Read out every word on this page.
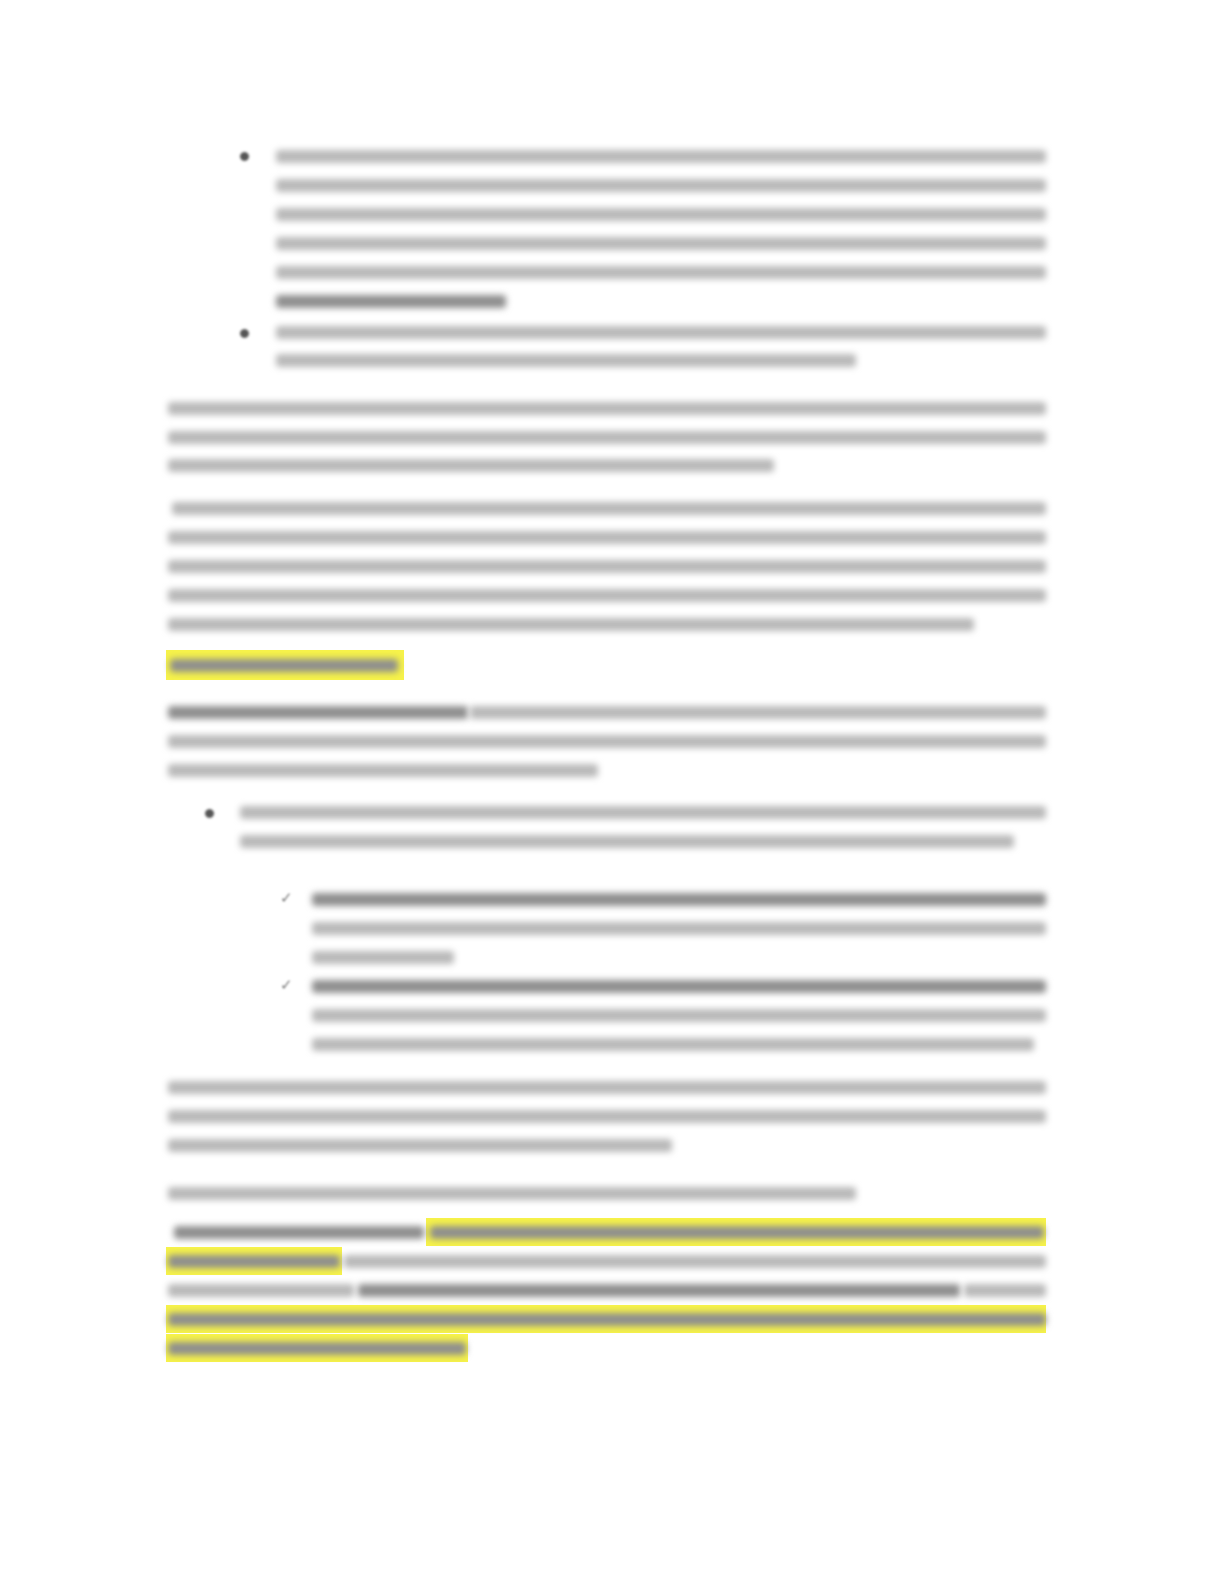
✓
✓
